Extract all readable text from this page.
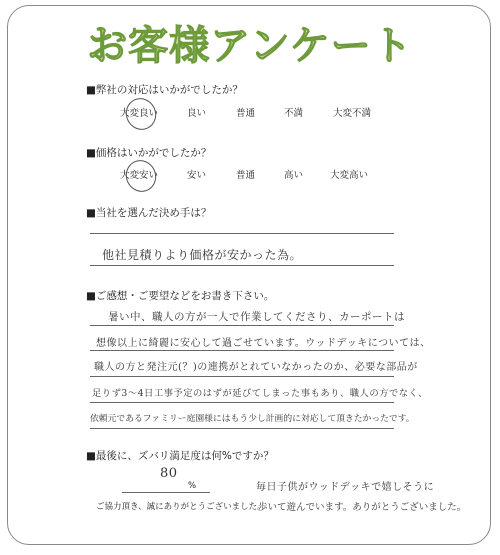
お客様アンケート
■弊社の対応はいかがでしたか？
大変良い	良い	普通	不満	大変不満
■価格はいかがでしたか？
大変安い	安い	普通	高い	大変高い
■当社を選んだ決め手は？
他社見積りより価格が安かった為。
■ご感想・ご要望などをお書き下さい。
暑い中、職人の方が一人で作業してくださり、カーポートは
想像以上に綺麗に安心して過ごせています。ウッドデッキについては、
職人の方と発注元(？)の連携がとれていなかったのか、必要な部品が
足りず3～4日工事予定のはずが延びてしまった事もあり、職人の方でなく、
依頼元であるファミリー庭園様にはもう少し計画的に対応して頂きたかったです。
■最後に、ズバリ満足度は何%ですか？
80
%	毎日子供がウッドデッキで嬉しそうに
歩いて遊んでいます。ありがとうございました。
ご協力頂き、誠にありがとうございました。
